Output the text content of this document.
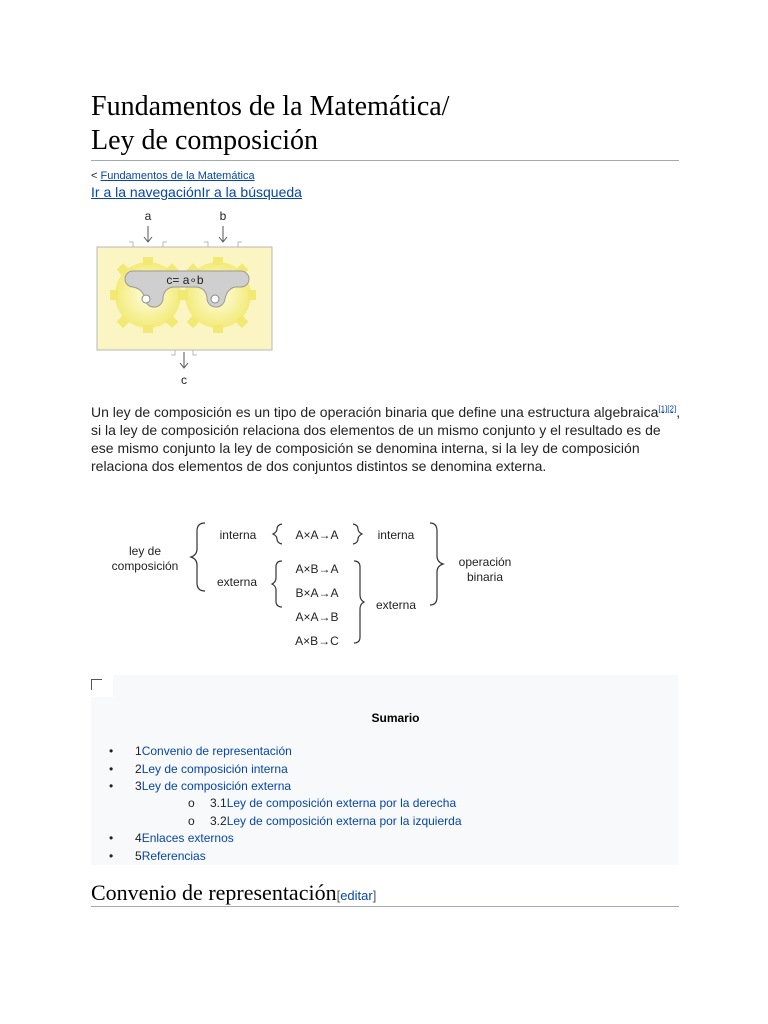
Fundamentos de la Matemática/
Ley de composición
< Fundamentos de la Matemática
Ir a la navegaciónIr a la búsqueda
a	b
c= a∘b
c

Un ley de composición es un tipo de operación binaria que define una estructura algebraica[1][2], si la ley de composición relaciona dos elementos de un mismo conjunto y el resultado es de ese mismo conjunto la ley de composición se denomina interna, si la ley de composición relaciona dos elementos de dos conjuntos distintos se denomina externa.

ley de
composición
interna
externa
A×A→A
A×B→A
B×A→A
A×A→B
A×B→C
interna
externa
operación
binaria
Sumario
• 1Convenio de representación
• 2Ley de composición interna
• 3Ley de composición externa
o 3.1Ley de composición externa por la derecha
o 3.2Ley de composición externa por la izquierda
• 4Enlaces externos
• 5Referencias
Convenio de representación[editar]
